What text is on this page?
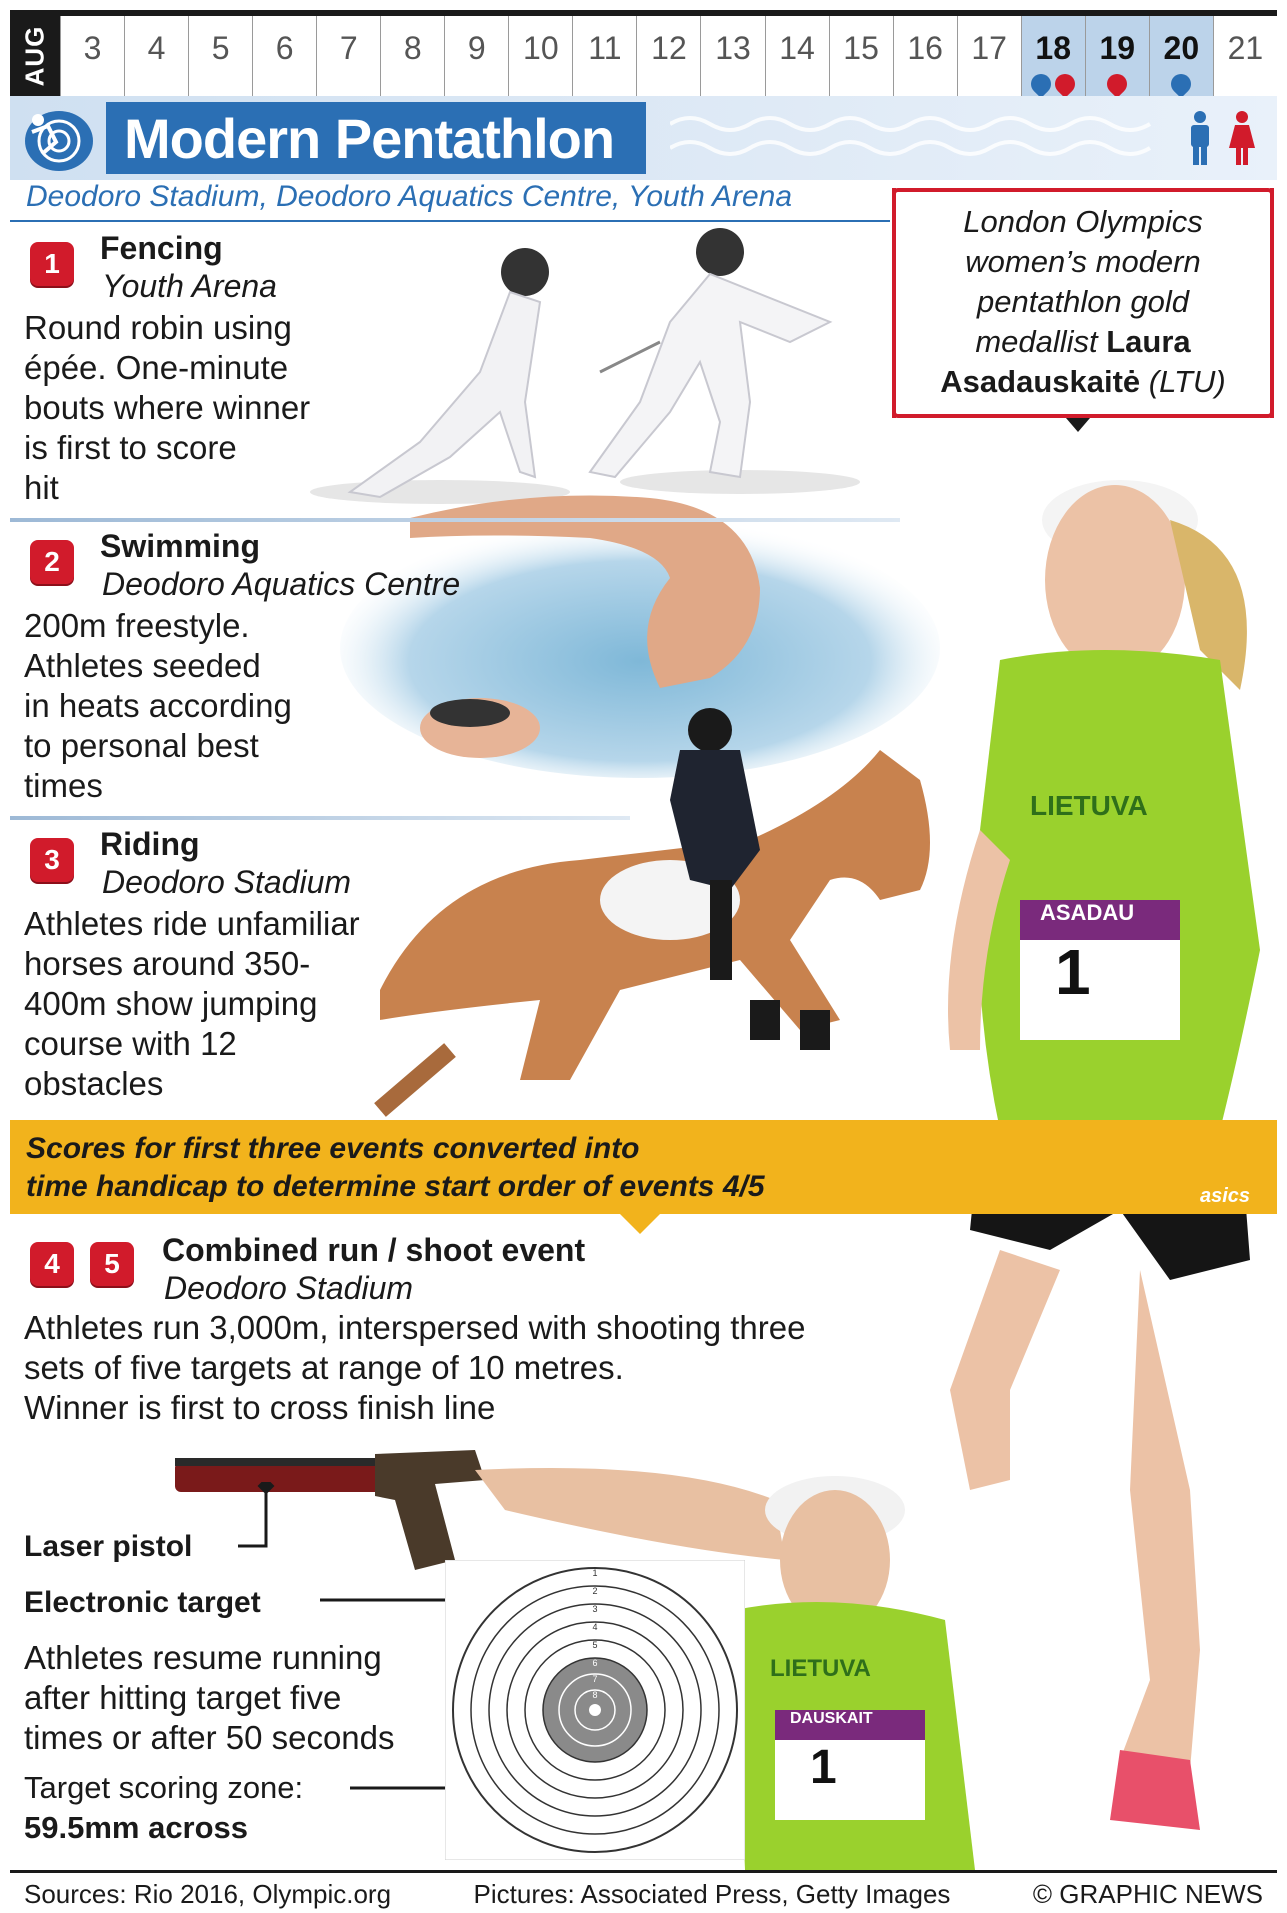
AUG	3	4	5	6	7	8	9	10 11 12 13 14 15 16 17 18 19 20 21
Modern Pentathlon
Deodoro Stadium, Deodoro Aquatics Centre, Youth Arena
1	Fencing
Youth Arena
Round robin using
épée. One-minute
bouts where winner
is first to score
hit
2	Swimming
Deodoro Aquatics Centre
200m freestyle.
Athletes seeded
in heats according
to personal best
times
3	Riding
Deodoro Stadium
Athletes ride unfamiliar
horses around 350-
400m show jumping
course with 12
obstacles
London Olympics
women’s modern
pentathlon gold
medallist Laura
Asadauskaitė (LTU)
Scores for first three events converted into
time handicap to determine start order of events 4/5
4	5	Combined run / shoot event
Deodoro Stadium
Athletes run 3,000m, interspersed with shooting three
sets of five targets at range of 10 metres.
Winner is first to cross finish line
Laser pistol
Electronic target
Athletes resume running
after hitting target five
times or after 50 seconds
Target scoring zone:
59.5mm across
1
2
3
4
5
6
7
8
ASADAU
1
LIETUVA
asics
DAUSKAIT
1
LIETUVA
Sources: Rio 2016, Olympic.org	Pictures: Associated Press, Getty Images	© GRAPHIC NEWS
